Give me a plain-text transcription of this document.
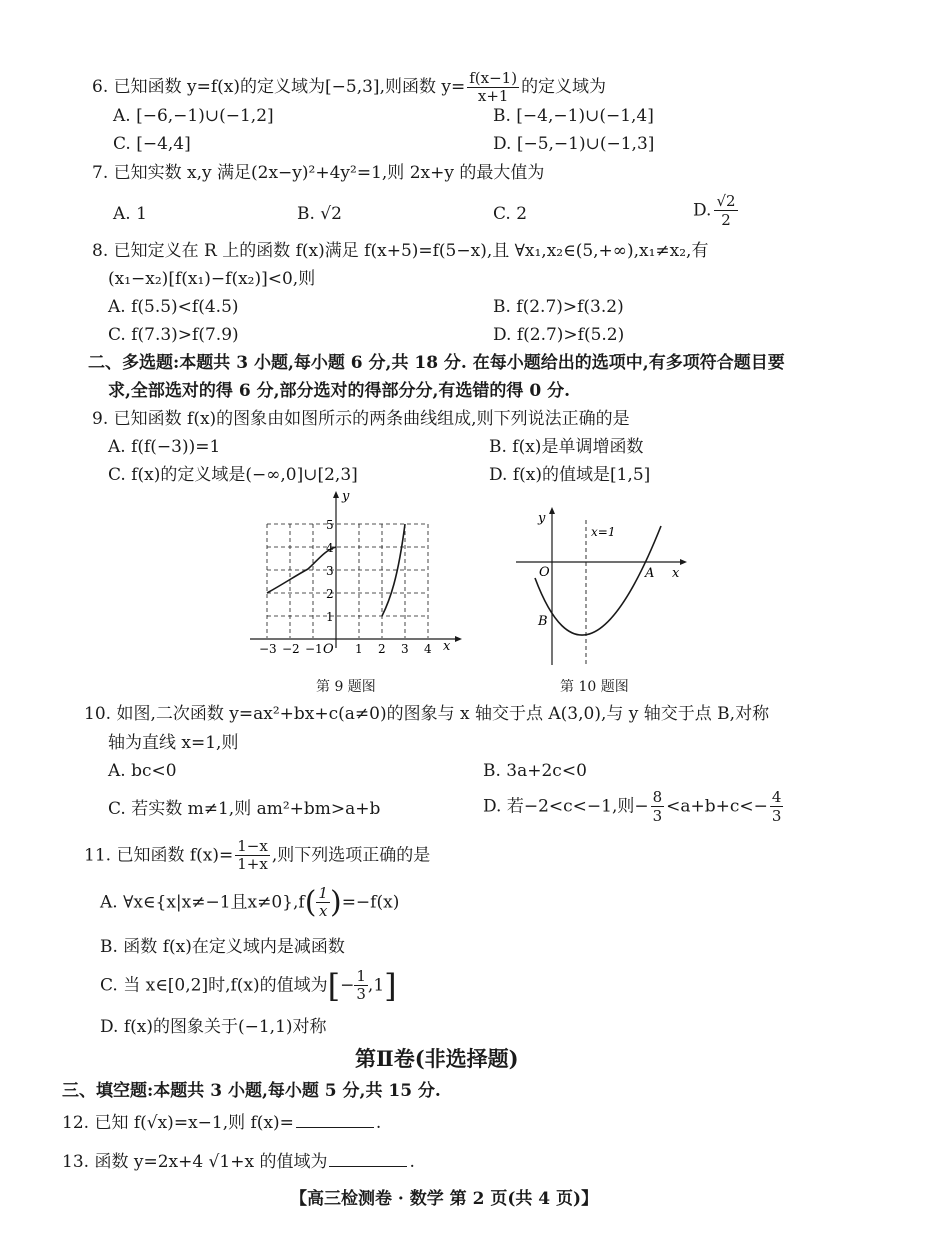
6. 已知函数 y=f(x)的定义域为[−5,3],则函数 $y= \frac{f(x-1)}{x+1}$ 的定义域为
A. [−6,−1)∪(−1,2]	B. [−4,−1)∪(−1,4]
C. [−4,4]	D. [−5,−1)∪(−1,3]
7. 已知实数 x,y 满足(2x−y)²+4y²=1,则 2x+y 的最大值为
A. 1	B. √2	C. 2	D. $\frac{√2}{2}$
8. 已知定义在 R 上的函数 f(x)满足 f(x+5)=f(5−x),且 ∀x₁,x₂∈(5,+∞),x₁≠x₂,有
(x₁−x₂)[f(x₁)−f(x₂)]<0,则
A. f(5.5)<f(4.5)	B. f(2.7)>f(3.2)
C. f(7.3)>f(7.9)	D. f(2.7)>f(5.2)
二、多选题:本题共 3 小题,每小题 6 分,共 18 分. 在每小题给出的选项中,有多项符合题目要
求,全部选对的得 6 分,部分选对的得部分分,有选错的得 0 分.
9. 已知函数 f(x)的图象由如图所示的两条曲线组成,则下列说法正确的是
A. f(f(−3))=1	B. f(x)是单调增函数
C. f(x)的定义域是(−∞,0]∪[2,3]	D. f(x)的值域是[1,5]
y
x
O
−3 −2 −1	1 2 3 4
1
2
3
4
5
第 9 题图
y
x
O
x=1
A
B
第 10 题图
10. 如图,二次函数 y=ax²+bx+c(a≠0)的图象与 x 轴交于点 A(3,0),与 y 轴交于点 B,对称
轴为直线 x=1,则
A. bc<0	B. 3a+2c<0
C. 若实数 m≠1,则 am²+bm>a+b	D. 若−2<c<−1,则− $\frac{8}{3} <a+b+c<- \frac{4}{3}$
11. 已知函数 $f(x)= \frac{1-x}{1+x}$ ,则下列选项正确的是
A. ∀x∈{x|x≠−1且$x\ne 0\},f( \frac{1}{x} )=-f(x)$
B. 函数 f(x)在定义域内是减函数
C. 当 x∈[0,2]时,f(x)的值域为[− $\frac{1}{3} ,1$]
D. f(x)的图象关于(−1,1)对称
第Ⅱ卷(非选择题)
三、填空题:本题共 3 小题,每小题 5 分,共 15 分.
12. 已知 f(√x)=x−1,则 f(x)=	.
13. 函数 y=2x+4 √1+x 的值域为	.
【高三检测卷 · 数学 第 2 页(共 4 页)】
